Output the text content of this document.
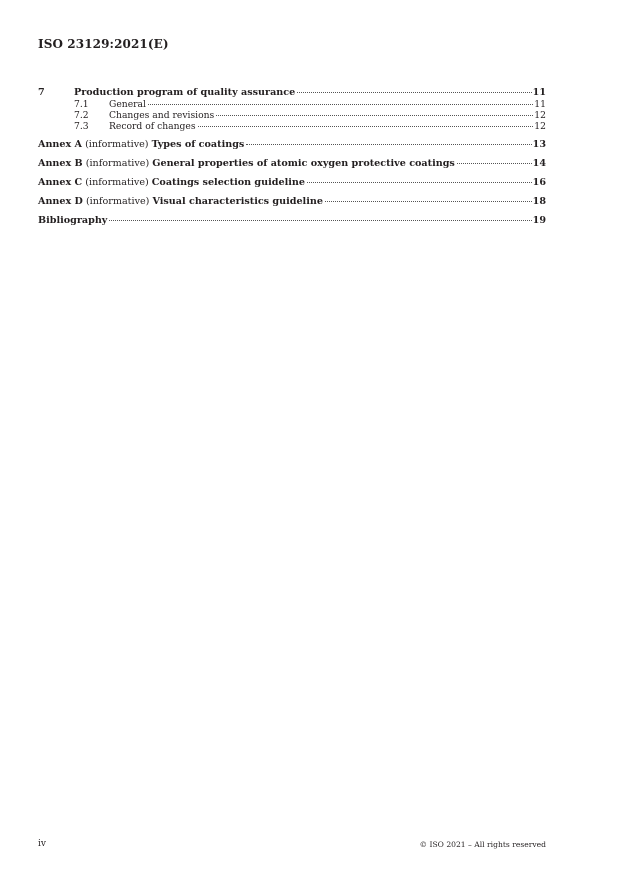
ISO 23129:2021(E)
7	Production program of quality assurance	11
7.1	General	11
7.2	Changes and revisions	12
7.3	Record of changes	12
Annex A (informative) Types of coatings	13
Annex B (informative) General properties of atomic oxygen protective coatings	14
Annex C (informative) Coatings selection guideline	16
Annex D (informative) Visual characteristics guideline	18
Bibliography	19
iv	© ISO 2021 – All rights reserved
